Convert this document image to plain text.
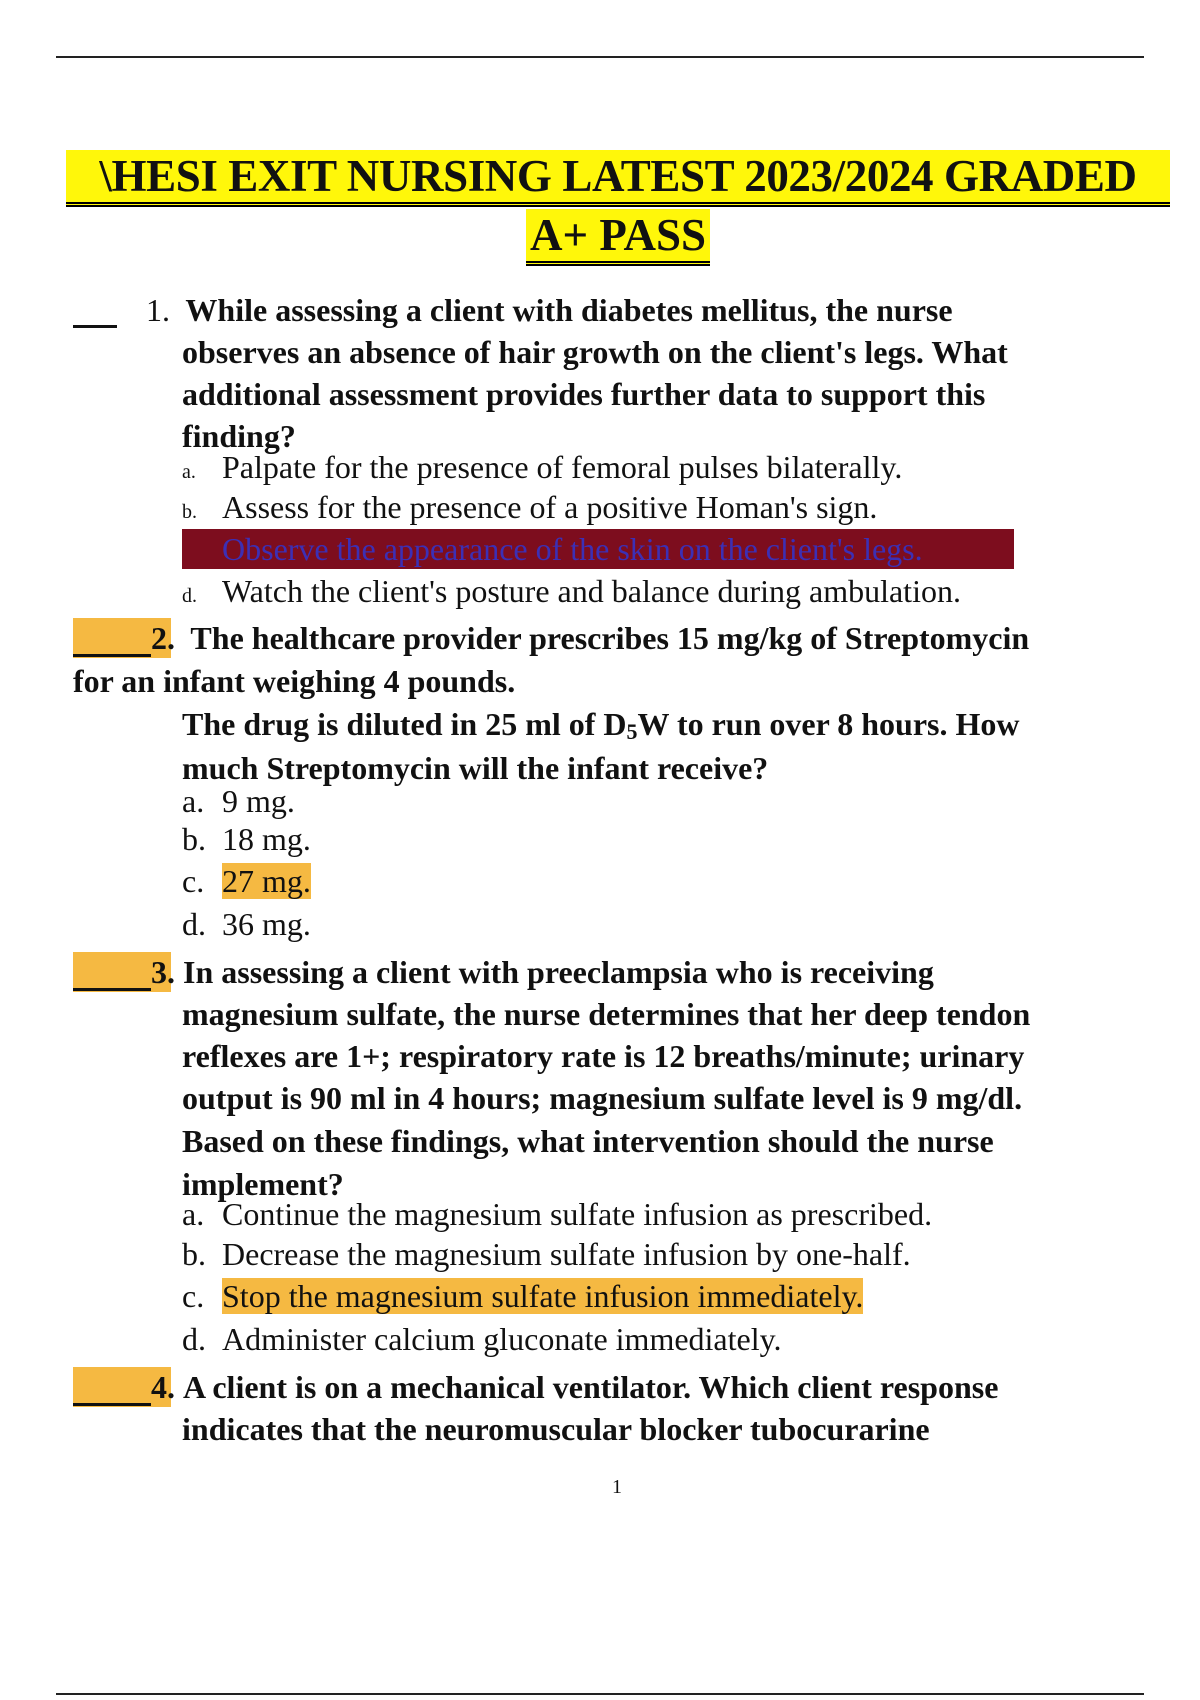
\HESI EXIT NURSING LATEST 2023/2024 GRADED
A+ PASS
1. While assessing a client with diabetes mellitus, the nurse
observes an absence of hair growth on the client's legs. What
additional assessment provides further data to support this
finding?
a. Palpate for the presence of femoral pulses bilaterally.
b. Assess for the presence of a positive Homan's sign.
Observe the appearance of the skin on the client's legs.
d. Watch the client's posture and balance during ambulation.
2. The healthcare provider prescribes 15 mg/kg of Streptomycin
for an infant weighing 4 pounds.
The drug is diluted in 25 ml of D5W to run over 8 hours. How
much Streptomycin will the infant receive?
a. 9 mg.
b. 18 mg.
c. 27 mg.
d. 36 mg.
3. In assessing a client with preeclampsia who is receiving
magnesium sulfate, the nurse determines that her deep tendon
reflexes are 1+; respiratory rate is 12 breaths/minute; urinary
output is 90 ml in 4 hours; magnesium sulfate level is 9 mg/dl.
Based on these findings, what intervention should the nurse
implement?
a. Continue the magnesium sulfate infusion as prescribed.
b. Decrease the magnesium sulfate infusion by one-half.
c. Stop the magnesium sulfate infusion immediately.
d. Administer calcium gluconate immediately.
4. A client is on a mechanical ventilator. Which client response
indicates that the neuromuscular blocker tubocurarine
1
